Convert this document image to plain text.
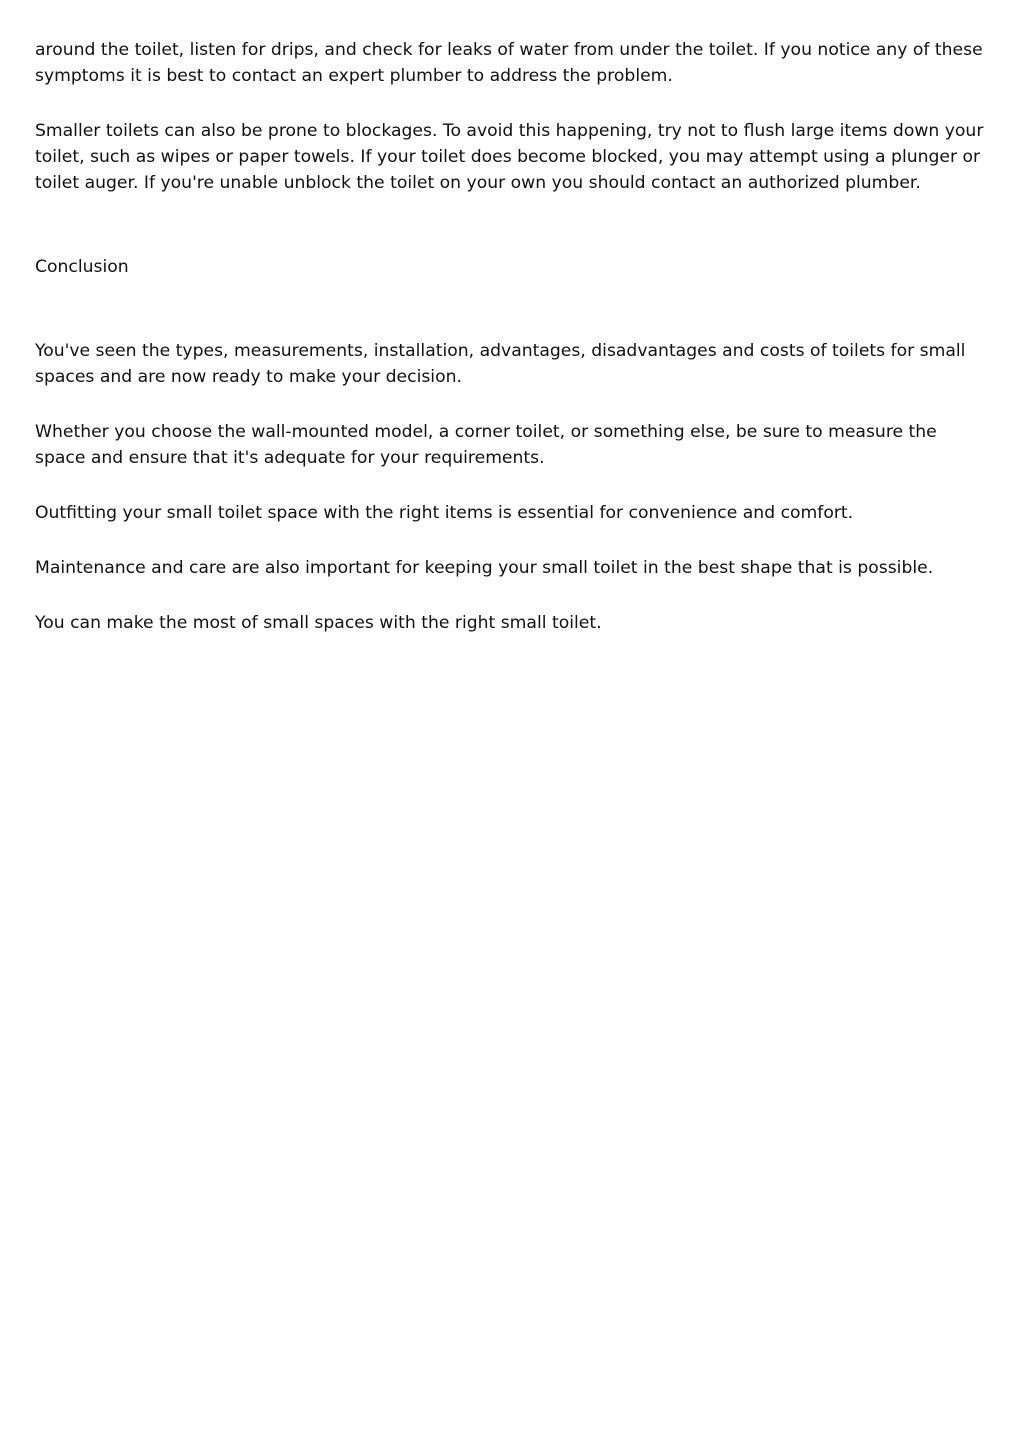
around the toilet, listen for drips, and check for leaks of water from under the toilet. If you notice any of these symptoms it is best to contact an expert plumber to address the problem.

Smaller toilets can also be prone to blockages. To avoid this happening, try not to flush large items down your toilet, such as wipes or paper towels. If your toilet does become blocked, you may attempt using a plunger or toilet auger. If you're unable unblock the toilet on your own you should contact an authorized plumber.

Conclusion

You've seen the types, measurements, installation, advantages, disadvantages and costs of toilets for small spaces and are now ready to make your decision.

Whether you choose the wall-mounted model, a corner toilet, or something else, be sure to measure the space and ensure that it's adequate for your requirements.

Outfitting your small toilet space with the right items is essential for convenience and comfort.

Maintenance and care are also important for keeping your small toilet in the best shape that is possible.

You can make the most of small spaces with the right small toilet.
